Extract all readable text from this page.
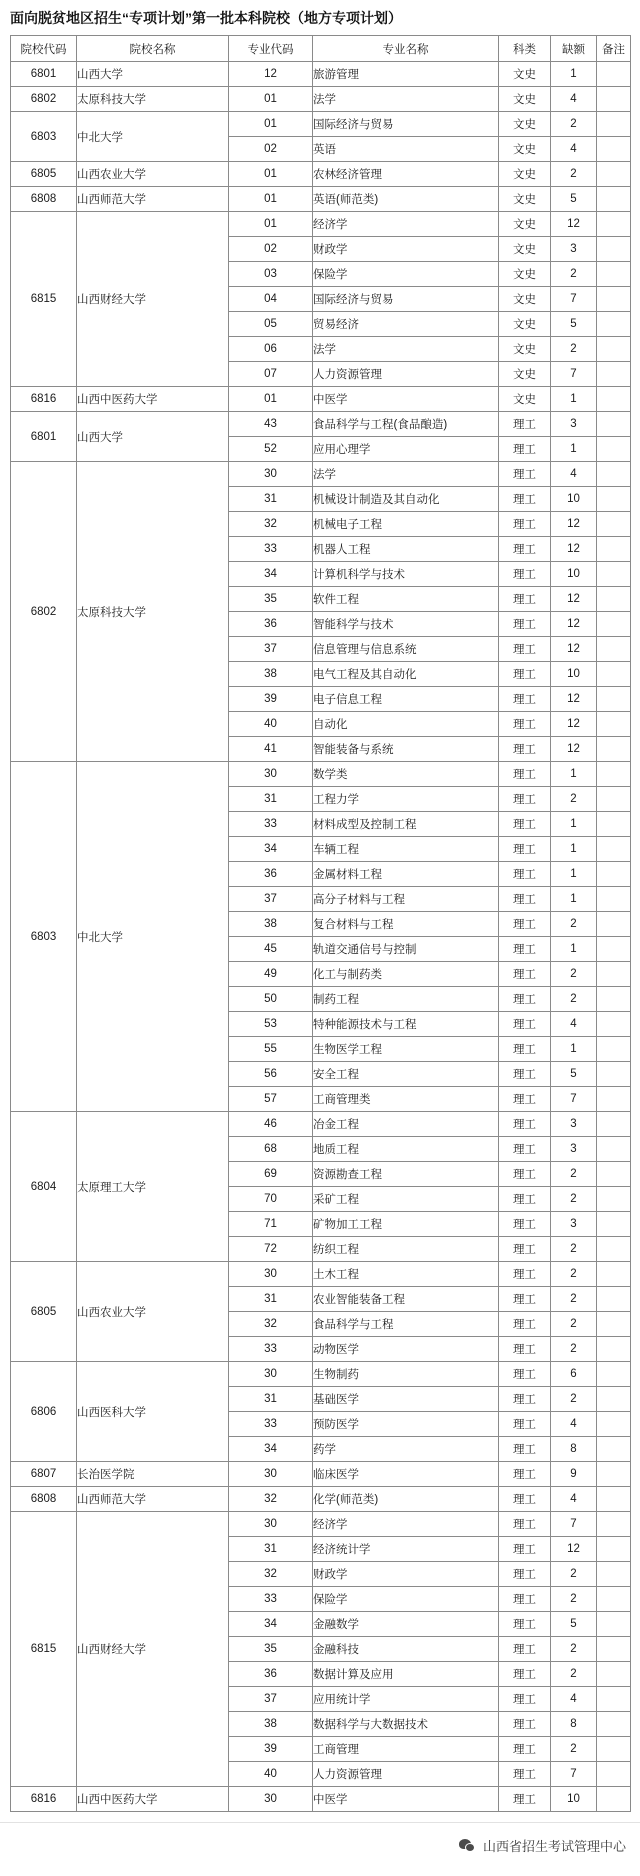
面向脱贫地区招生“专项计划”第一批本科院校（地方专项计划）
院校代码	院校名称	专业代码	专业名称	科类	缺额	备注
6801	山西大学	12	旅游管理	文史	1	
6802	太原科技大学	01	法学	文史	4	
6803	中北大学	01	国际经济与贸易	文史	2	
		02	英语	文史	4	
6805	山西农业大学	01	农林经济管理	文史	2	
6808	山西师范大学	01	英语(师范类)	文史	5	
6815	山西财经大学	01	经济学	文史	12	
		02	财政学	文史	3	
		03	保险学	文史	2	
		04	国际经济与贸易	文史	7	
		05	贸易经济	文史	5	
		06	法学	文史	2	
		07	人力资源管理	文史	7	
6816	山西中医药大学	01	中医学	文史	1	
6801	山西大学	43	食品科学与工程(食品酿造)	理工	3	
		52	应用心理学	理工	1	
6802	太原科技大学	30	法学	理工	4	
		31	机械设计制造及其自动化	理工	10	
		32	机械电子工程	理工	12	
		33	机器人工程	理工	12	
		34	计算机科学与技术	理工	10	
		35	软件工程	理工	12	
		36	智能科学与技术	理工	12	
		37	信息管理与信息系统	理工	12	
		38	电气工程及其自动化	理工	10	
		39	电子信息工程	理工	12	
		40	自动化	理工	12	
		41	智能装备与系统	理工	12	
6803	中北大学	30	数学类	理工	1	
		31	工程力学	理工	2	
		33	材料成型及控制工程	理工	1	
		34	车辆工程	理工	1	
		36	金属材料工程	理工	1	
		37	高分子材料与工程	理工	1	
		38	复合材料与工程	理工	2	
		45	轨道交通信号与控制	理工	1	
		49	化工与制药类	理工	2	
		50	制药工程	理工	2	
		53	特种能源技术与工程	理工	4	
		55	生物医学工程	理工	1	
		56	安全工程	理工	5	
		57	工商管理类	理工	7	
6804	太原理工大学	46	冶金工程	理工	3	
		68	地质工程	理工	3	
		69	资源勘查工程	理工	2	
		70	采矿工程	理工	2	
		71	矿物加工工程	理工	3	
		72	纺织工程	理工	2	
6805	山西农业大学	30	土木工程	理工	2	
		31	农业智能装备工程	理工	2	
		32	食品科学与工程	理工	2	
		33	动物医学	理工	2	
6806	山西医科大学	30	生物制药	理工	6	
		31	基础医学	理工	2	
		33	预防医学	理工	4	
		34	药学	理工	8	
6807	长治医学院	30	临床医学	理工	9	
6808	山西师范大学	32	化学(师范类)	理工	4	
6815	山西财经大学	30	经济学	理工	7	
		31	经济统计学	理工	12	
		32	财政学	理工	2	
		33	保险学	理工	2	
		34	金融数学	理工	5	
		35	金融科技	理工	2	
		36	数据计算及应用	理工	2	
		37	应用统计学	理工	4	
		38	数据科学与大数据技术	理工	8	
		39	工商管理	理工	2	
		40	人力资源管理	理工	7	
6816	山西中医药大学	30	中医学	理工	10	
山西省招生考试管理中心
